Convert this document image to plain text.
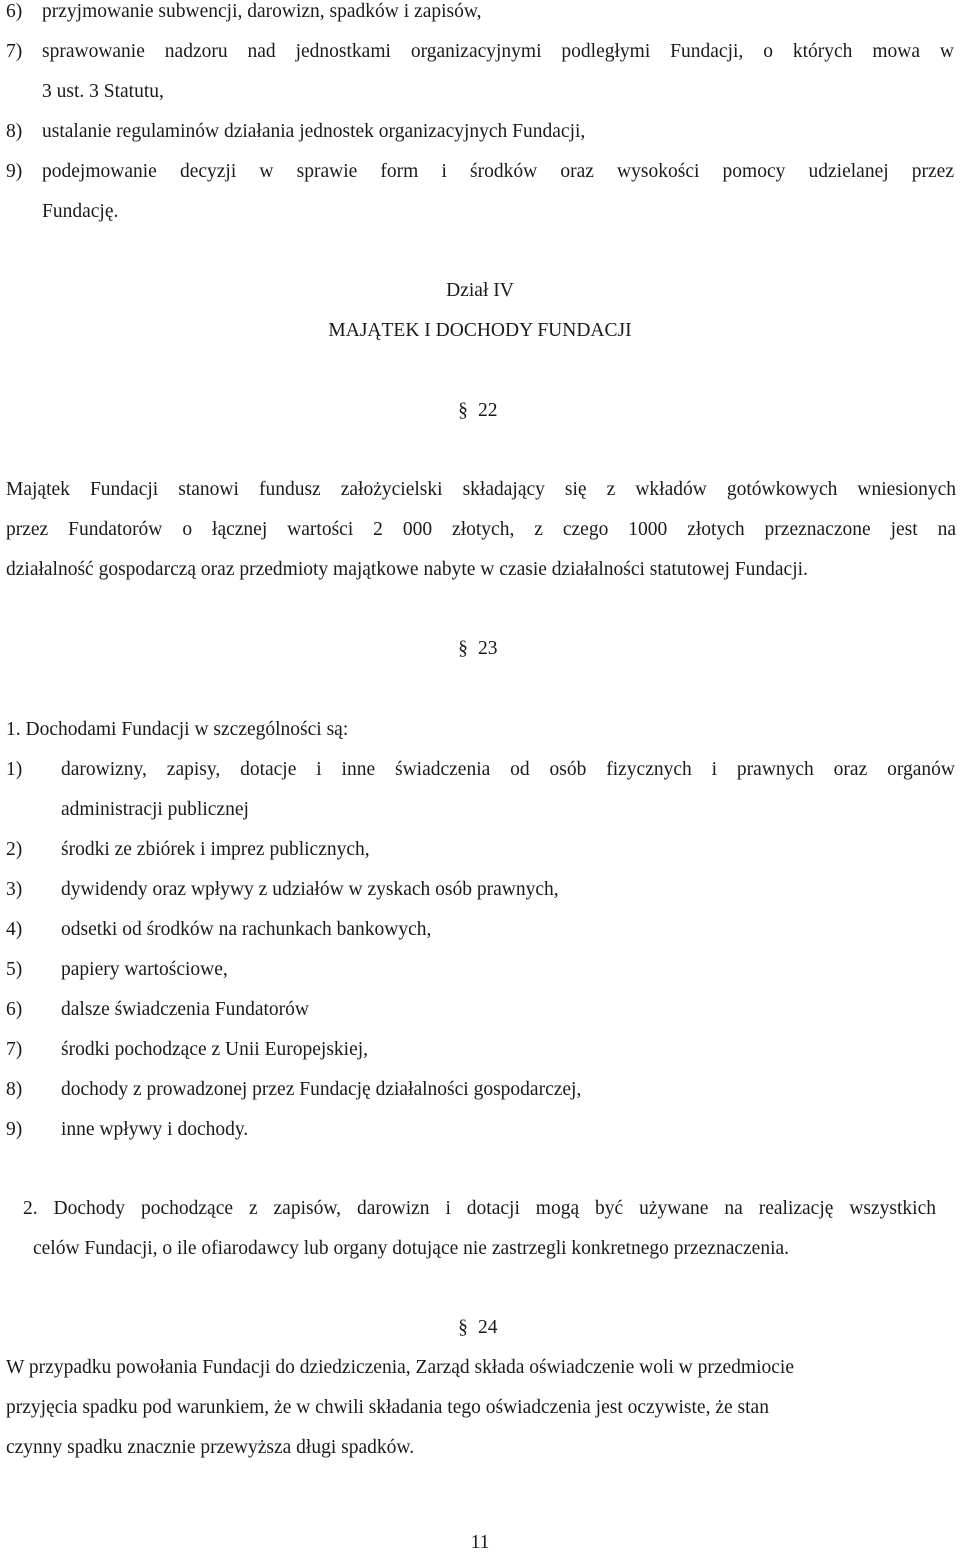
6) przyjmowanie subwencji, darowizn, spadków i zapisów,
7) sprawowanie nadzoru nad jednostkami organizacyjnymi podległymi Fundacji, o których mowa w
3 ust. 3 Statutu,
8) ustalanie regulaminów działania jednostek organizacyjnych Fundacji,
9) podejmowanie decyzji w sprawie form i środków oraz wysokości pomocy udzielanej przez
Fundację.
Dział IV
MAJĄTEK I DOCHODY FUNDACJI
§ 22
Majątek Fundacji stanowi fundusz założycielski składający się z wkładów gotówkowych wniesionych
przez Fundatorów o łącznej wartości 2 000 złotych, z czego 1000 złotych przeznaczone jest na
działalność gospodarczą oraz przedmioty majątkowe nabyte w czasie działalności statutowej Fundacji.
§ 23
1. Dochodami Fundacji w szczególności są:
1) darowizny, zapisy, dotacje i inne świadczenia od osób fizycznych i prawnych oraz organów
administracji publicznej
2) środki ze zbiórek i imprez publicznych,
3) dywidendy oraz wpływy z udziałów w zyskach osób prawnych,
4) odsetki od środków na rachunkach bankowych,
5) papiery wartościowe,
6) dalsze świadczenia Fundatorów
7) środki pochodzące z Unii Europejskiej,
8) dochody z prowadzonej przez Fundację działalności gospodarczej,
9) inne wpływy i dochody.
2. Dochody pochodzące z zapisów, darowizn i dotacji mogą być używane na realizację wszystkich
celów Fundacji, o ile ofiarodawcy lub organy dotujące nie zastrzegli konkretnego przeznaczenia.
§ 24
W przypadku powołania Fundacji do dziedziczenia, Zarząd składa oświadczenie woli w przedmiocie
przyjęcia spadku pod warunkiem, że w chwili składania tego oświadczenia jest oczywiste, że stan
czynny spadku znacznie przewyższa długi spadków.
11
